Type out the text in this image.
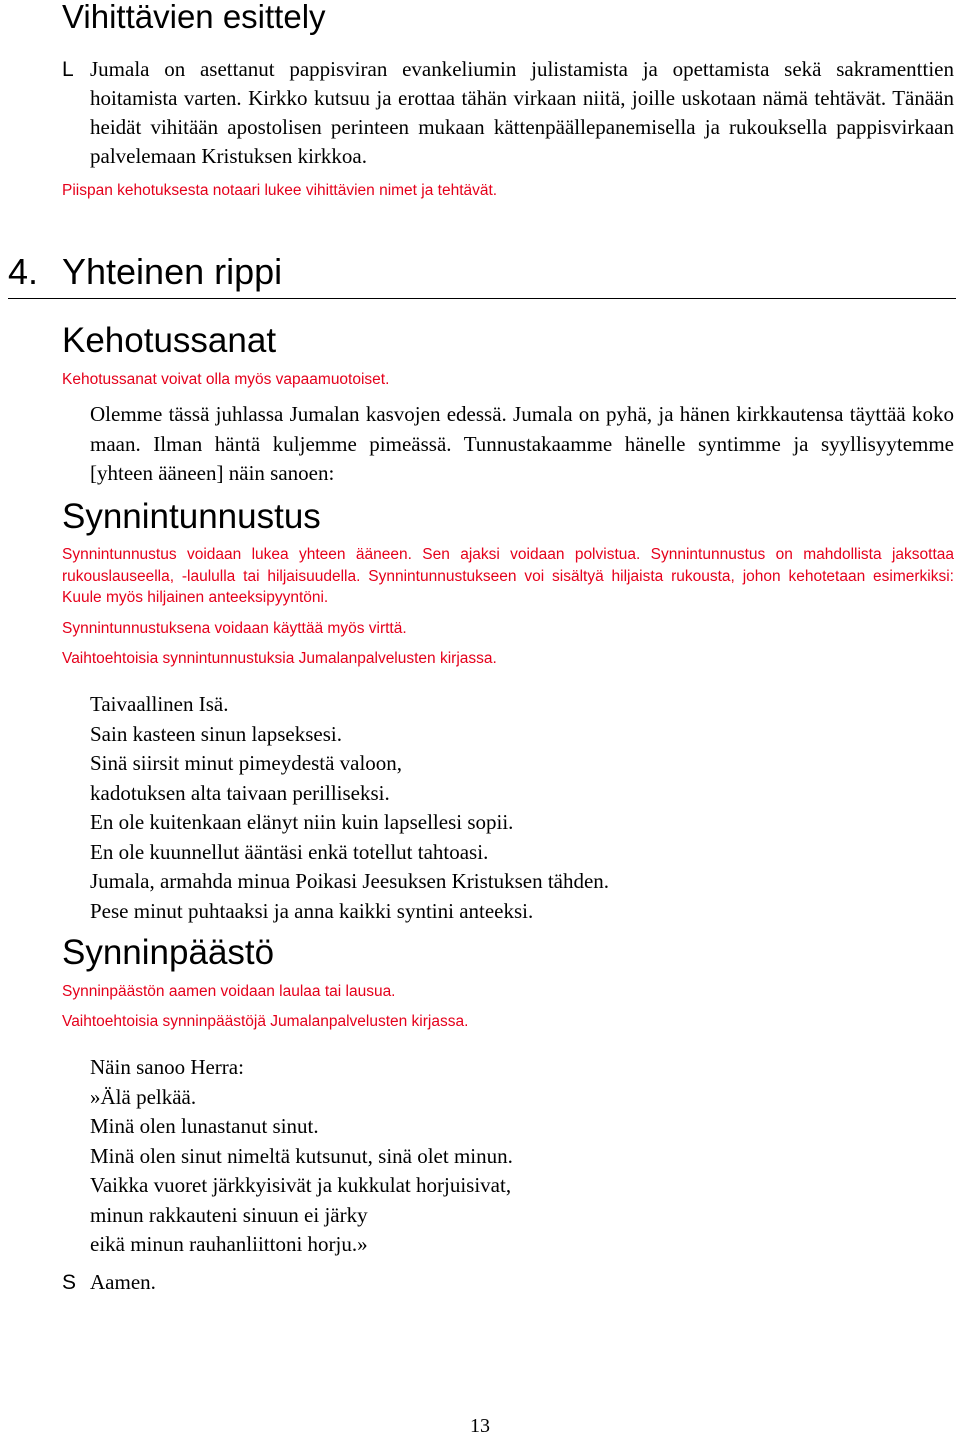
Vihittävien esittely
L Jumala on asettanut pappisviran evankeliumin julistamista ja opettamista sekä sakramenttien hoitamista varten. Kirkko kutsuu ja erottaa tähän virkaan niitä, joille uskotaan nämä tehtävät. Tänään heidät vihitään apostolisen perinteen mukaan kättenpäällepanemisella ja rukouksella pappisvirkaan palvelemaan Kristuksen kirkkoa.
Piispan kehotuksesta notaari lukee vihittävien nimet ja tehtävät.
4. Yhteinen rippi
Kehotussanat
Kehotussanat voivat olla myös vapaamuotoiset.
Olemme tässä juhlassa Jumalan kasvojen edessä. Jumala on pyhä, ja hänen kirkkautensa täyttää koko maan. Ilman häntä kuljemme pimeässä. Tunnustakaamme hänelle syntimme ja syyllisyytemme [yhteen ääneen] näin sanoen:
Synnintunnustus
Synnintunnustus voidaan lukea yhteen ääneen. Sen ajaksi voidaan polvistua. Synnintunnustus on mahdollista jaksottaa rukouslauseella, -laululla tai hiljaisuudella. Synnintunnustukseen voi sisältyä hiljaista rukousta, johon kehotetaan esimerkiksi: Kuule myös hiljainen anteeksipyyntöni.
Synnintunnustuksena voidaan käyttää myös virttä.
Vaihtoehtoisia synnintunnustuksia Jumalanpalvelusten kirjassa.
Taivaallinen Isä.
Sain kasteen sinun lapseksesi.
Sinä siirsit minut pimeydestä valoon,
kadotuksen alta taivaan perilliseksi.
En ole kuitenkaan elänyt niin kuin lapsellesi sopii.
En ole kuunnellut ääntäsi enkä totellut tahtoasi.
Jumala, armahda minua Poikasi Jeesuksen Kristuksen tähden.
Pese minut puhtaaksi ja anna kaikki syntini anteeksi.
Synninpäästö
Synninpäästön aamen voidaan laulaa tai lausua.
Vaihtoehtoisia synninpäästöjä Jumalanpalvelusten kirjassa.
Näin sanoo Herra:
»Älä pelkää.
Minä olen lunastanut sinut.
Minä olen sinut nimeltä kutsunut, sinä olet minun.
Vaikka vuoret järkkyisivät ja kukkulat horjuisivat,
minun rakkauteni sinuun ei järky
eikä minun rauhanliittoni horju.»
S Aamen.
13
